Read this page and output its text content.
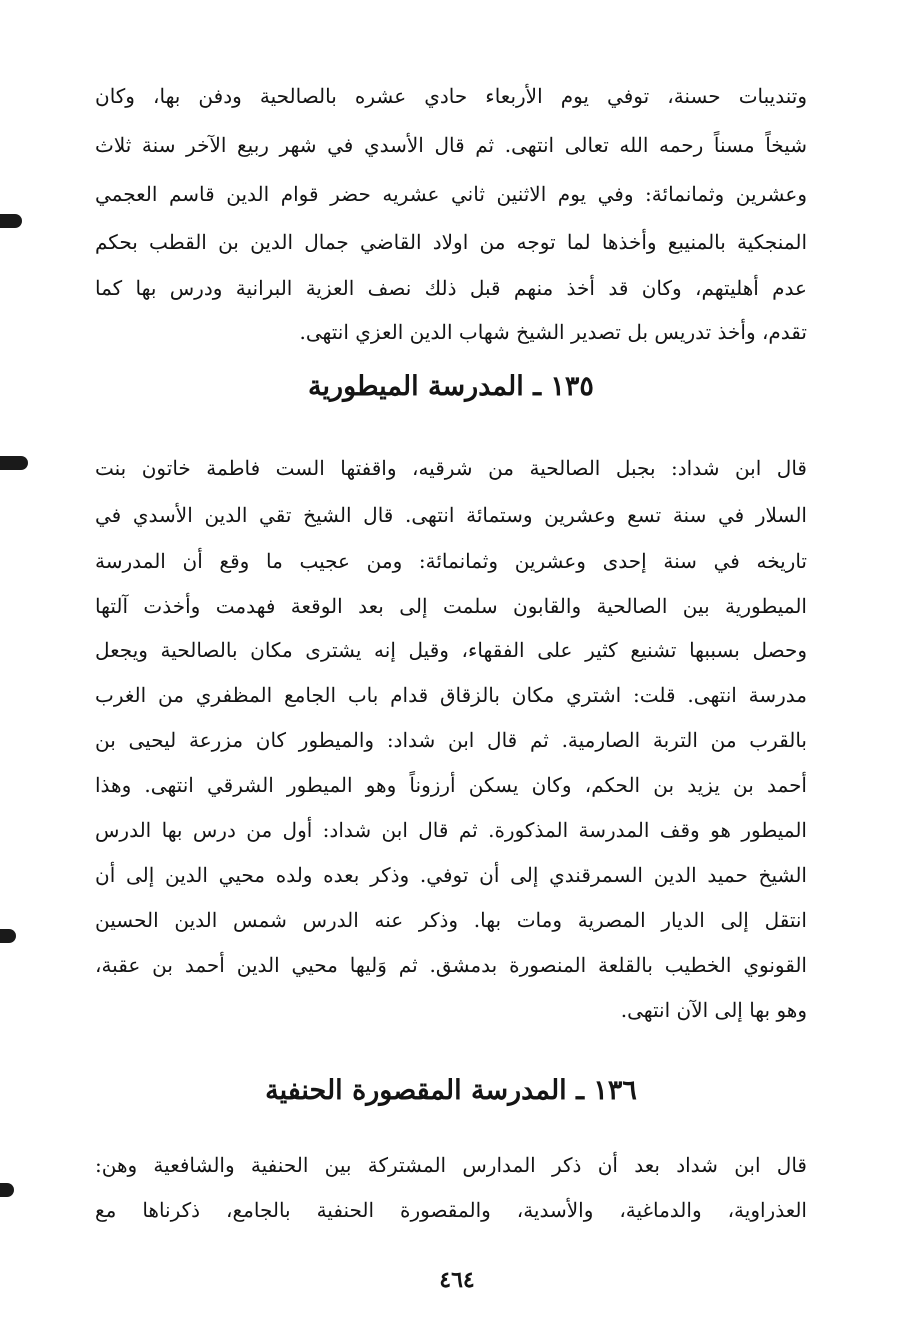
وتنديبات حسنة، توفي يوم الأربعاء حادي عشره بالصالحية ودفن بها، وكان
شيخاً مسناً رحمه الله تعالى انتهى. ثم قال الأسدي في شهر ربيع الآخر سنة ثلاث
وعشرين وثمانمائة: وفي يوم الاثنين ثاني عشريه حضر قوام الدين قاسم العجمي
المنجكية بالمنيبع وأخذها لما توجه من اولاد القاضي جمال الدين بن القطب بحكم
عدم أهليتهم، وكان قد أخذ منهم قبل ذلك نصف العزية البرانية ودرس بها كما
تقدم، وأخذ تدريس بل تصدير الشيخ شهاب الدين العزي انتهى.
١٣٥ ـ المدرسة الميطورية
قال ابن شداد: بجبل الصالحية من شرقيه، واقفتها الست فاطمة خاتون بنت
السلار في سنة تسع وعشرين وستمائة انتهى. قال الشيخ تقي الدين الأسدي في
تاريخه في سنة إحدى وعشرين وثمانمائة: ومن عجيب ما وقع أن المدرسة
الميطورية بين الصالحية والقابون سلمت إلى بعد الوقعة فهدمت وأخذت آلتها
وحصل بسببها تشنيع كثير على الفقهاء، وقيل إنه يشترى مكان بالصالحية ويجعل
مدرسة انتهى. قلت: اشتري مكان بالزقاق قدام باب الجامع المظفري من الغرب
بالقرب من التربة الصارمية. ثم قال ابن شداد: والميطور كان مزرعة ليحيى بن
أحمد بن يزيد بن الحكم، وكان يسكن أرزوناً وهو الميطور الشرقي انتهى. وهذا
الميطور هو وقف المدرسة المذكورة. ثم قال ابن شداد: أول من درس بها الدرس
الشيخ حميد الدين السمرقندي إلى أن توفي. وذكر بعده ولده محيي الدين إلى أن
انتقل إلى الديار المصرية ومات بها. وذكر عنه الدرس شمس الدين الحسين
القونوي الخطيب بالقلعة المنصورة بدمشق. ثم وَليها محيي الدين أحمد بن عقبة،
وهو بها إلى الآن انتهى.
١٣٦ ـ المدرسة المقصورة الحنفية
قال ابن شداد بعد أن ذكر المدارس المشتركة بين الحنفية والشافعية وهن:
العذراوية، والدماغية، والأسدية، والمقصورة الحنفية بالجامع، ذكرناها مع
٤٦٤
